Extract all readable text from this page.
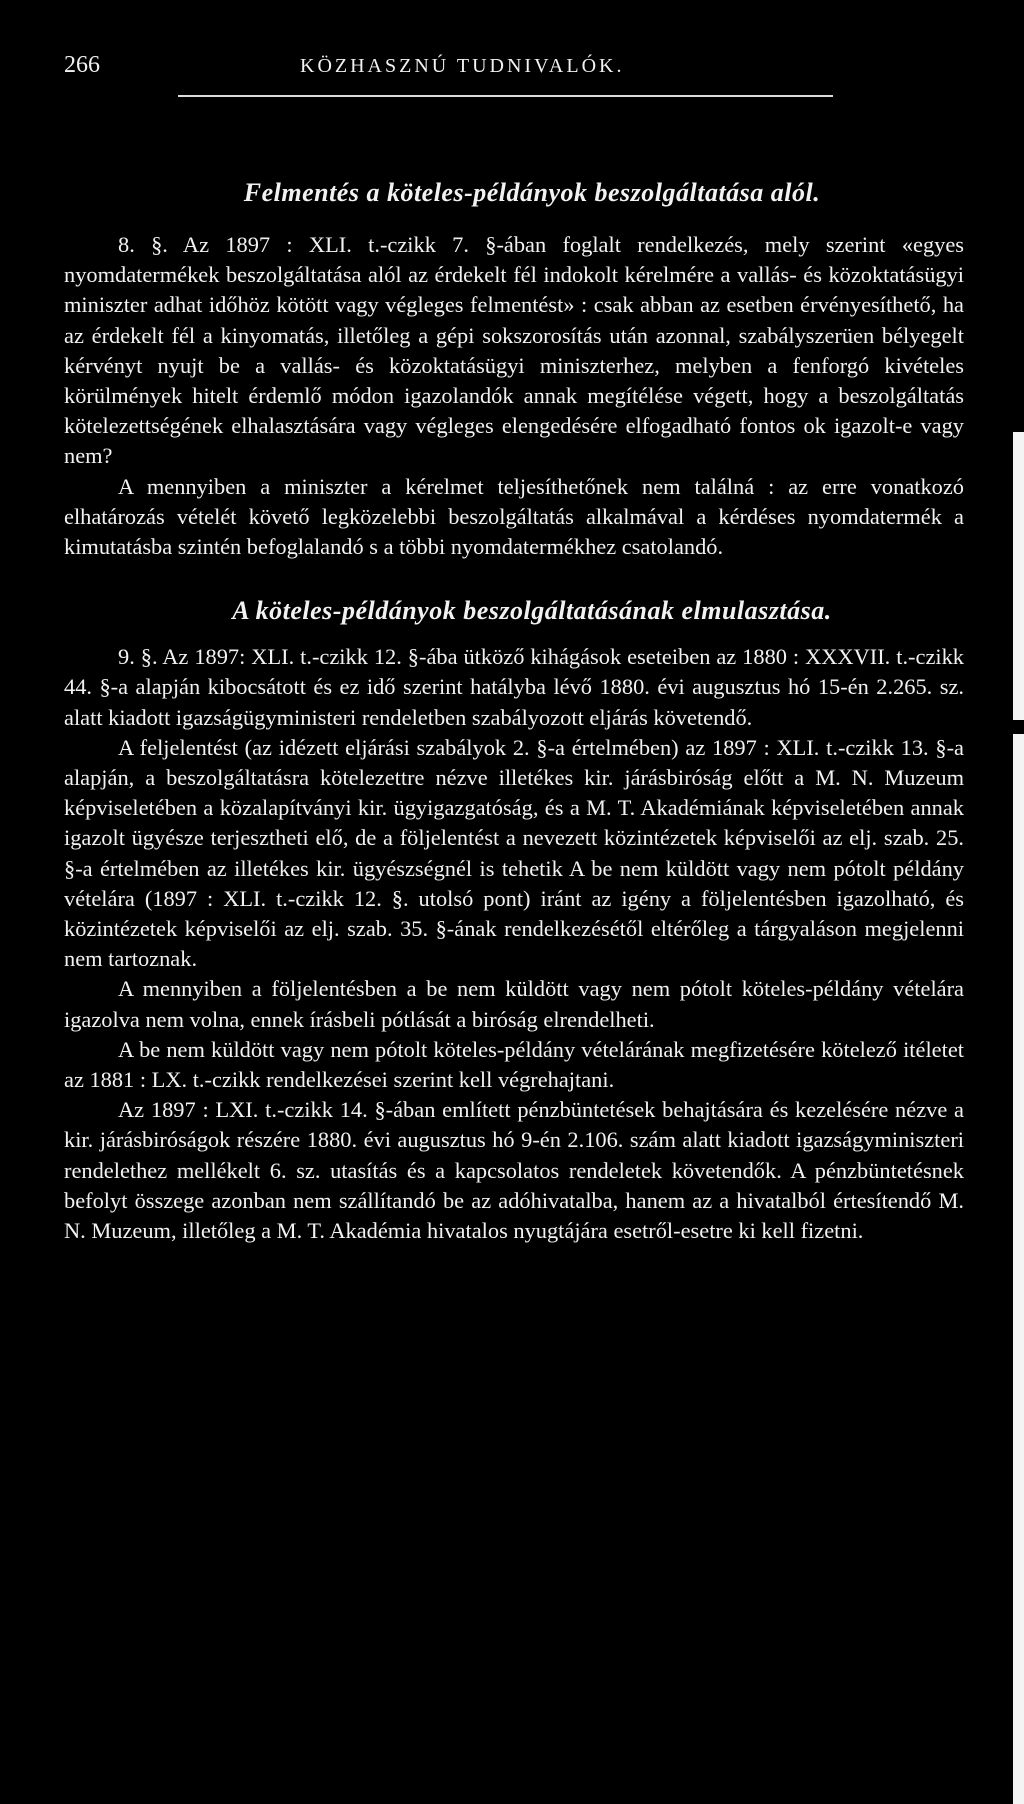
266	KÖZHASZNÚ TUDNIVALÓK.
Felmentés a köteles-példányok beszolgáltatása alól.

8. §. Az 1897 : XLI. t.-czikk 7. §-ában foglalt rendelkezés, mely szerint «egyes nyomdatermékek beszolgáltatása alól az érdekelt fél indokolt kérelmére a vallás- és közoktatásügyi miniszter adhat időhöz kötött vagy végleges felmentést» : csak abban az esetben érvényesíthető, ha az érdekelt fél a kinyomatás, illetőleg a gépi sokszorosítás után azonnal, szabályszerüen bélyegelt kérvényt nyujt be a vallás- és közoktatásügyi miniszterhez, melyben a fenforgó kivételes körülmények hitelt érdemlő módon igazolandók annak megítélése végett, hogy a beszolgáltatás kötelezettségének elhalasztására vagy végleges elengedésére elfogadható fontos ok igazolt-e vagy nem?

A mennyiben a miniszter a kérelmet teljesíthetőnek nem találná : az erre vonatkozó elhatározás vételét követő legközelebbi beszolgáltatás alkalmával a kérdéses nyomdatermék a kimutatásba szintén befoglalandó s a többi nyomdatermékhez csatolandó.

A köteles-példányok beszolgáltatásának elmulasztása.

9. §. Az 1897: XLI. t.-czikk 12. §-ába ütköző kihágások eseteiben az 1880 : XXXVII. t.-czikk 44. §-a alapján kibocsátott és ez idő szerint hatályba lévő 1880. évi augusztus hó 15-én 2.265. sz. alatt kiadott igazságügyministeri rendeletben szabályozott eljárás követendő.

A feljelentést (az idézett eljárási szabályok 2. §-a értelmében) az 1897 : XLI. t.-czikk 13. §-a alapján, a beszolgáltatásra kötelezettre nézve illetékes kir. járásbiróság előtt a M. N. Muzeum képviseletében a közalapítványi kir. ügyigazgatóság, és a M. T. Akadémiának képviseletében annak igazolt ügyésze terjesztheti elő, de a följelentést a nevezett közintézetek képviselői az elj. szab. 25. §-a értelmében az illetékes kir. ügyészségnél is tehetik A be nem küldött vagy nem pótolt példány vételára (1897 : XLI. t.-czikk 12. §. utolsó pont) iránt az igény a följelentésben igazolható, és közintézetek képviselői az elj. szab. 35. §-ának rendelkezésétől eltérőleg a tárgyaláson megjelenni nem tartoznak.

A mennyiben a följelentésben a be nem küldött vagy nem pótolt köteles-példány vételára igazolva nem volna, ennek írásbeli pótlását a biróság elrendelheti.

A be nem küldött vagy nem pótolt köteles-példány vételárának megfizetésére kötelező itéletet az 1881 : LX. t.-czikk rendelkezései szerint kell végrehajtani.

Az 1897 : LXI. t.-czikk 14. §-ában említett pénzbüntetések behajtására és kezelésére nézve a kir. járásbiróságok részére 1880. évi augusztus hó 9-én 2.106. szám alatt kiadott igazságyminiszteri rendelethez mellékelt 6. sz. utasítás és a kapcsolatos rendeletek követendők. A pénzbüntetésnek befolyt összege azonban nem szállítandó be az adóhivatalba, hanem az a hivatalból értesítendő M. N. Muzeum, illetőleg a M. T. Akadémia hivatalos nyugtájára esetről-esetre ki kell fizetni.
